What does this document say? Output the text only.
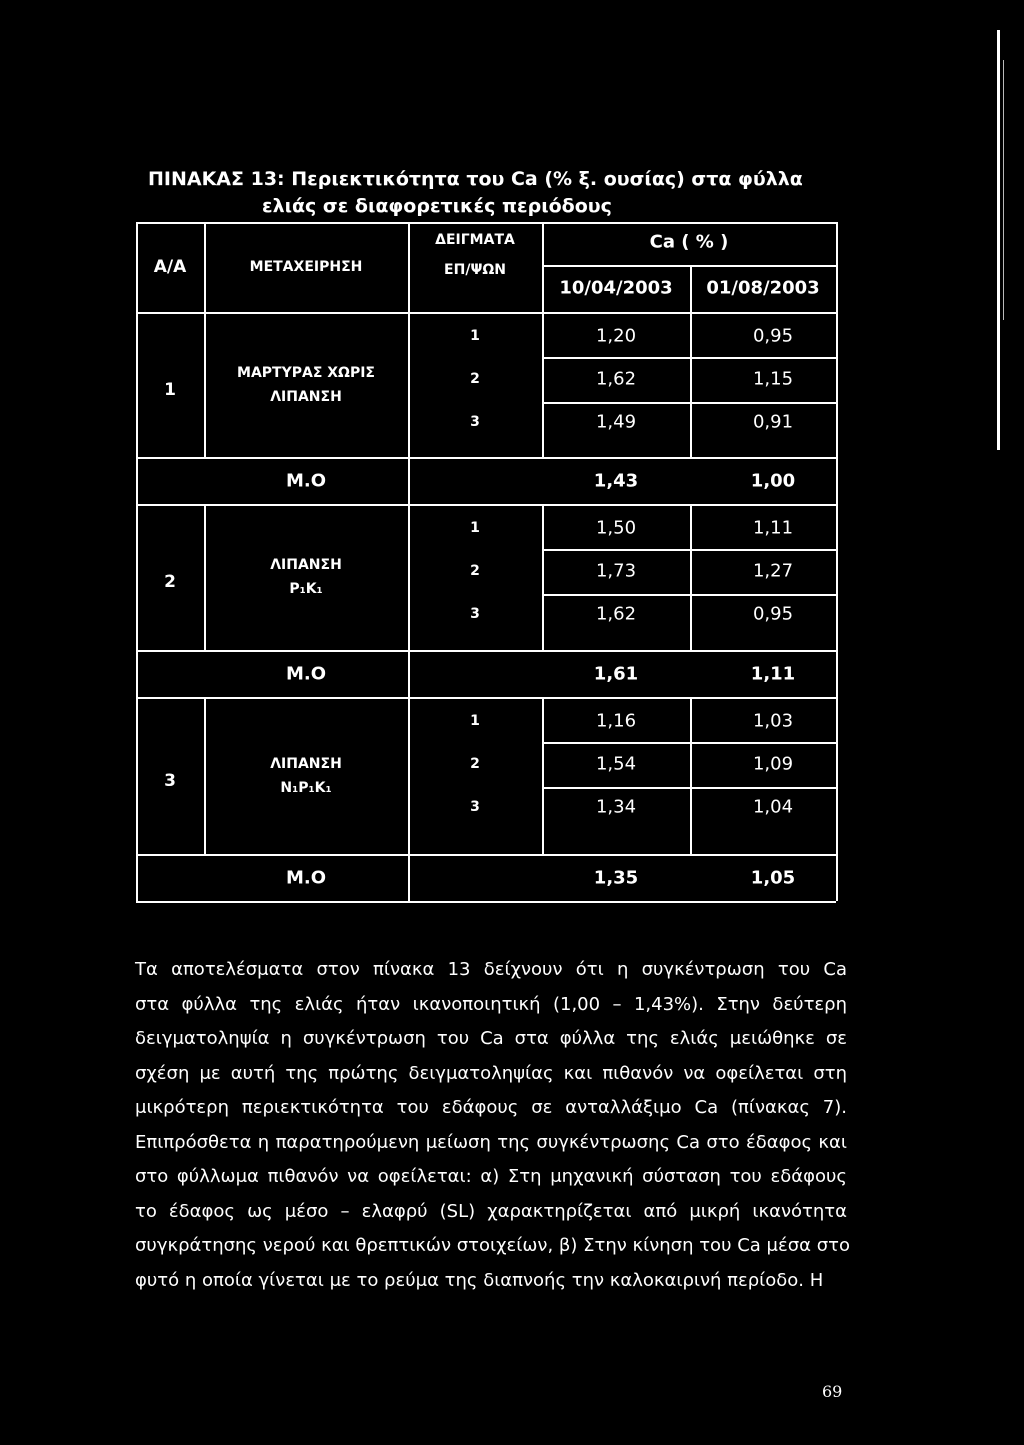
ΠΙΝΑΚΑΣ 13: Περιεκτικότητα του Ca (% ξ. ουσίας) στα φύλλα
ελιάς σε διαφορετικές περιόδους
Α/Α	ΜΕΤΑΧΕΙΡΗΣΗ
ΔΕΙΓΜΑΤΑ
ΕΠ/ΨΩΝ
Ca ( % )
10/04/2003 01/08/2003
1
ΜΑΡΤΥΡΑΣ ΧΩΡΙΣ
ΛΙΠΑΝΣΗ
1	1,20	0,95
2	1,62	1,15
3	1,49	0,91
Μ.Ο	1,43	1,00
2
ΛΙΠΑΝΣΗ
P₁K₁
1	1,50	1,11
2	1,73	1,27
3	1,62	0,95
Μ.Ο	1,61	1,11
3
ΛΙΠΑΝΣΗ
N₁P₁K₁
1	1,16	1,03
2	1,54	1,09
3	1,34	1,04
Μ.Ο	1,35	1,05

Τα αποτελέσματα στον πίνακα 13 δείχνουν ότι η συγκέντρωση του Ca

στα φύλλα της ελιάς ήταν ικανοποιητική (1,00 – 1,43%). Στην δεύτερη

δειγματοληψία η συγκέντρωση του Ca στα φύλλα της ελιάς μειώθηκε σε

σχέση με αυτή της πρώτης δειγματοληψίας και πιθανόν να οφείλεται στη

μικρότερη περιεκτικότητα του εδάφους σε ανταλλάξιμο Ca (πίνακας 7).

Επιπρόσθετα η παρατηρούμενη μείωση της συγκέντρωσης Ca στο έδαφος και

στο φύλλωμα πιθανόν να οφείλεται: α) Στη μηχανική σύσταση του εδάφους

το έδαφος ως μέσο – ελαφρύ (SL) χαρακτηρίζεται από μικρή ικανότητα

συγκράτησης νερού και θρεπτικών στοιχείων, β) Στην κίνηση του Ca μέσα στο

φυτό η οποία γίνεται με το ρεύμα της διαπνοής την καλοκαιρινή περίοδο. Η

69
